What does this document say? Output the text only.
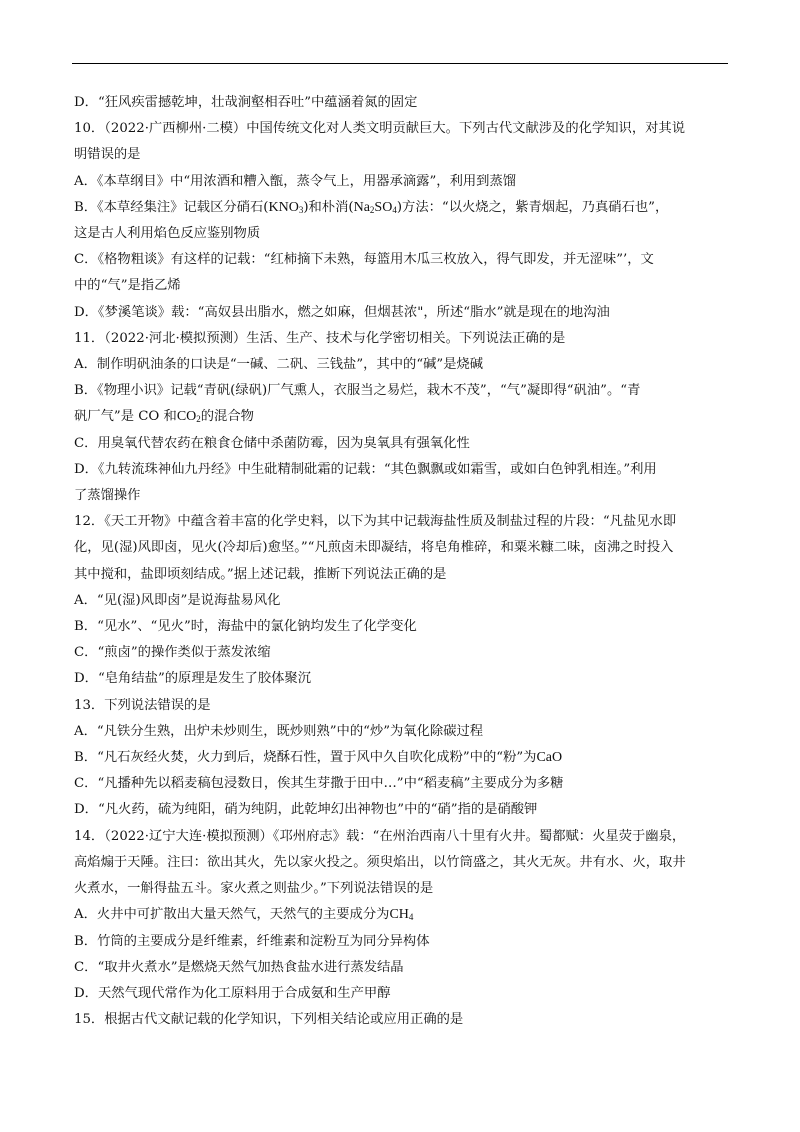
D．“狂风疾雷撼乾坤，壮哉涧壑相吞吐”中蕴涵着氮的固定
10．（2022·广西柳州·二模）中国传统文化对人类文明贡献巨大。下列古代文献涉及的化学知识，对其说
明错误的是
A．《本草纲目》中“用浓酒和糟入甑，蒸令气上，用器承滴露”，利用到蒸馏
B．《本草经集注》记载区分硝石$(KNO_3)$和朴消$(Na_2SO_4)$方法：“以火烧之，紫青烟起，乃真硝石也”，
这是古人利用焰色反应鉴别物质
C．《格物粗谈》有这样的记载：“红柿摘下未熟，每篮用木瓜三枚放入，得气即发，并无涩味”’，文
中的“气”是指乙烯
D．《梦溪笔谈》载：“高奴县出脂水，燃之如麻，但烟甚浓"，所述“脂水”就是现在的地沟油
11．（2022·河北·模拟预测）生活、生产、技术与化学密切相关。下列说法正确的是
A．制作明矾油条的口诀是“一碱、二矾、三钱盐”，其中的“碱”是烧碱
B．《物理小识》记载“青矾(绿矾)厂气熏人，衣服当之易烂，栽木不茂”，“气”凝即得“矾油”。“青
矾厂气”是 CO 和$CO_2$的混合物
C．用臭氧代替农药在粮食仓储中杀菌防霉，因为臭氧具有强氧化性
D．《九转流珠神仙九丹经》中生砒精制砒霜的记载：“其色飘飘或如霜雪，或如白色钟乳相连。”利用
了蒸馏操作
12．《天工开物》中蕴含着丰富的化学史料，以下为其中记载海盐性质及制盐过程的片段：“凡盐见水即
化，见(湿)风即卤，见火(冷却后)愈坚。”“凡煎卤未即凝结，将皂角椎碎，和粟米糠二味，卤沸之时投入
其中搅和，盐即顷刻结成。”据上述记载，推断下列说法正确的是
A．“见(湿)风即卤”是说海盐易风化
B．“见水”、“见火”时，海盐中的氯化钠均发生了化学变化
C．“煎卤”的操作类似于蒸发浓缩
D．“皂角结盐”的原理是发生了胶体聚沉
13．下列说法错误的是
A．“凡铁分生熟，出炉未炒则生，既炒则熟”中的“炒”为氧化除碳过程
B．“凡石灰经火焚，火力到后，烧酥石性，置于风中久自吹化成粉”中的“粉”为CaO
C．“凡播种先以稻麦稿包浸数日，俟其生芽撒于田中…”中“稻麦稿”主要成分为多糖
D．“凡火药，硫为纯阳，硝为纯阴，此乾坤幻出神物也”中的“硝”指的是硝酸钾
14．（2022·辽宁大连·模拟预测）《邛州府志》载：“在州治西南八十里有火井。蜀都赋：火星荧于幽泉，
高焰煽于天陲。注曰：欲出其火，先以家火投之。须臾焰出，以竹筒盛之，其火无灰。井有水、火，取井
火煮水，一斛得盐五斗。家火煮之则盐少。”下列说法错误的是
A．火井中可扩散出大量天然气，天然气的主要成分为$CH_4$
B．竹筒的主要成分是纤维素，纤维素和淀粉互为同分异构体
C．“取井火煮水”是燃烧天然气加热食盐水进行蒸发结晶
D．天然气现代常作为化工原料用于合成氨和生产甲醇
15．根据古代文献记载的化学知识，下列相关结论或应用正确的是
